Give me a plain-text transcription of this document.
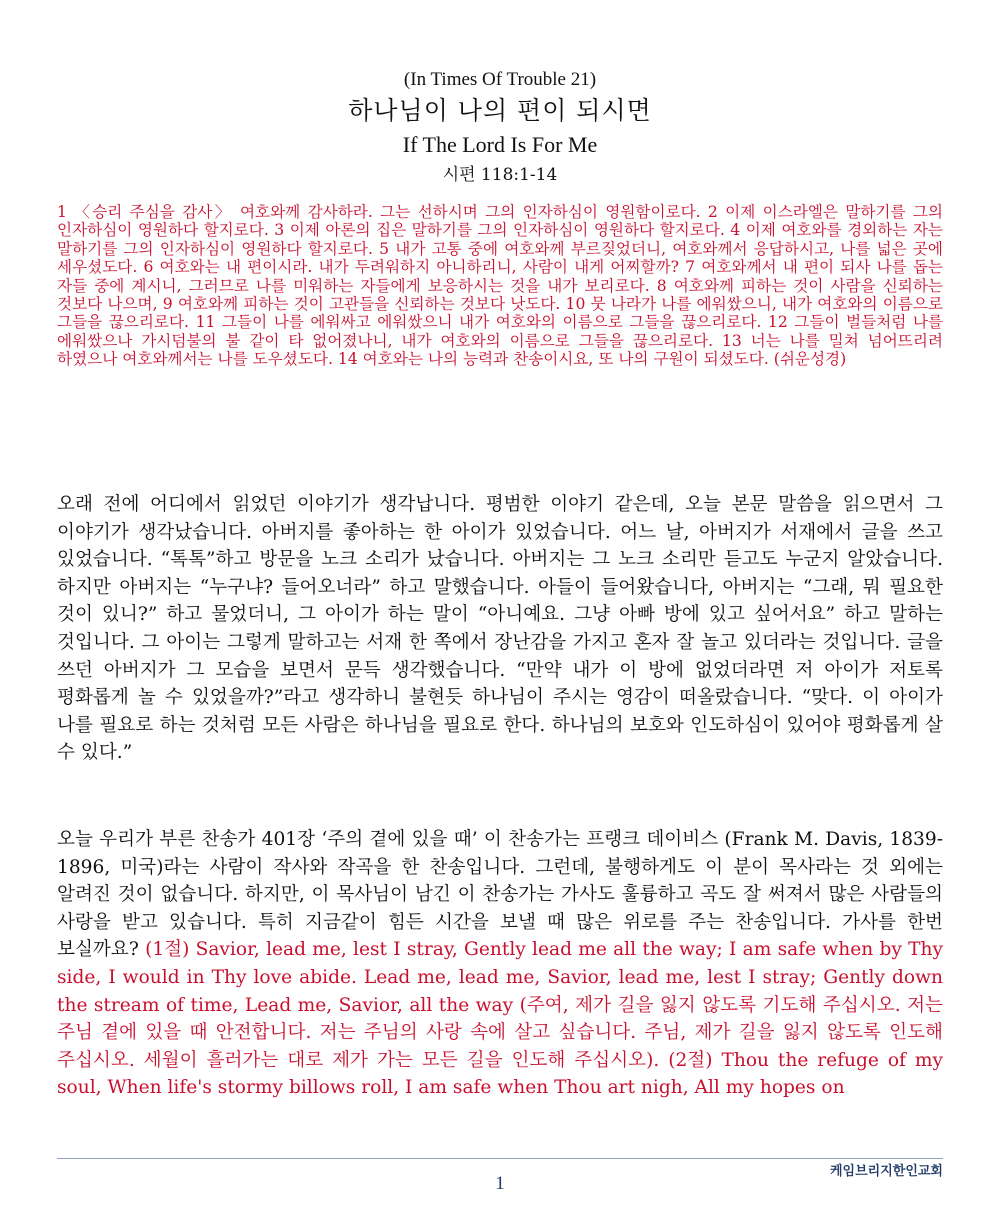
(In Times Of Trouble 21)
하나님이 나의 편이 되시면
If The Lord Is For Me
시편 118:1-14

1 〈승리 주심을 감사〉 여호와께 감사하라. 그는 선하시며 그의 인자하심이 영원함이로다. 2 이제 이스라엘은 말하기를 그의 인자하심이 영원하다 할지로다. 3 이제 아론의 집은 말하기를 그의 인자하심이 영원하다 할지로다. 4 이제 여호와를 경외하는 자는 말하기를 그의 인자하심이 영원하다 할지로다. 5 내가 고통 중에 여호와께 부르짖었더니, 여호와께서 응답하시고, 나를 넓은 곳에 세우셨도다. 6 여호와는 내 편이시라. 내가 두려워하지 아니하리니, 사람이 내게 어찌할까? 7 여호와께서 내 편이 되사 나를 돕는 자들 중에 계시니, 그러므로 나를 미워하는 자들에게 보응하시는 것을 내가 보리로다. 8 여호와께 피하는 것이 사람을 신뢰하는 것보다 나으며, 9 여호와께 피하는 것이 고관들을 신뢰하는 것보다 낫도다. 10 뭇 나라가 나를 에워쌌으니, 내가 여호와의 이름으로 그들을 끊으리로다. 11 그들이 나를 에워싸고 에워쌌으니 내가 여호와의 이름으로 그들을 끊으리로다. 12 그들이 벌들처럼 나를 에워쌌으나 가시덤불의 불 같이 타 없어졌나니, 내가 여호와의 이름으로 그들을 끊으리로다. 13 너는 나를 밀쳐 넘어뜨리려 하였으나 여호와께서는 나를 도우셨도다. 14 여호와는 나의 능력과 찬송이시요, 또 나의 구원이 되셨도다. (쉬운성경)

오래 전에 어디에서 읽었던 이야기가 생각납니다. 평범한 이야기 같은데, 오늘 본문 말씀을 읽으면서 그 이야기가 생각났습니다. 아버지를 좋아하는 한 아이가 있었습니다. 어느 날, 아버지가 서재에서 글을 쓰고 있었습니다. “톡톡”하고 방문을 노크 소리가 났습니다. 아버지는 그 노크 소리만 듣고도 누군지 알았습니다. 하지만 아버지는 “누구냐? 들어오너라” 하고 말했습니다. 아들이 들어왔습니다, 아버지는 “그래, 뭐 필요한 것이 있니?” 하고 물었더니, 그 아이가 하는 말이 “아니예요. 그냥 아빠 방에 있고 싶어서요” 하고 말하는 것입니다. 그 아이는 그렇게 말하고는 서재 한 쪽에서 장난감을 가지고 혼자 잘 놀고 있더라는 것입니다. 글을 쓰던 아버지가 그 모습을 보면서 문득 생각했습니다. “만약 내가 이 방에 없었더라면 저 아이가 저토록 평화롭게 놀 수 있었을까?”라고 생각하니 불현듯 하나님이 주시는 영감이 떠올랐습니다. “맞다. 이 아이가 나를 필요로 하는 것처럼 모든 사람은 하나님을 필요로 한다. 하나님의 보호와 인도하심이 있어야 평화롭게 살 수 있다.”

오늘 우리가 부른 찬송가 401장 ‘주의 곁에 있을 때’ 이 찬송가는 프랭크 데이비스 (Frank M. Davis, 1839-1896, 미국)라는 사람이 작사와 작곡을 한 찬송입니다. 그런데, 불행하게도 이 분이 목사라는 것 외에는 알려진 것이 없습니다. 하지만, 이 목사님이 남긴 이 찬송가는 가사도 훌륭하고 곡도 잘 써져서 많은 사람들의 사랑을 받고 있습니다. 특히 지금같이 힘든 시간을 보낼 때 많은 위로를 주는 찬송입니다. 가사를 한번 보실까요? (1절) Savior, lead me, lest I stray, Gently lead me all the way; I am safe when by Thy side, I would in Thy love abide. Lead me, lead me, Savior, lead me, lest I stray; Gently down the stream of time, Lead me, Savior, all the way (주여, 제가 길을 잃지 않도록 기도해 주십시오. 저는 주님 곁에 있을 때 안전합니다. 저는 주님의 사랑 속에 살고 싶습니다. 주님, 제가 길을 잃지 않도록 인도해 주십시오. 세월이 흘러가는 대로 제가 가는 모든 길을 인도해 주십시오). (2절) Thou the refuge of my soul, When life's stormy billows roll, I am safe when Thou art nigh, All my hopes on

케임브리지한인교회
1
